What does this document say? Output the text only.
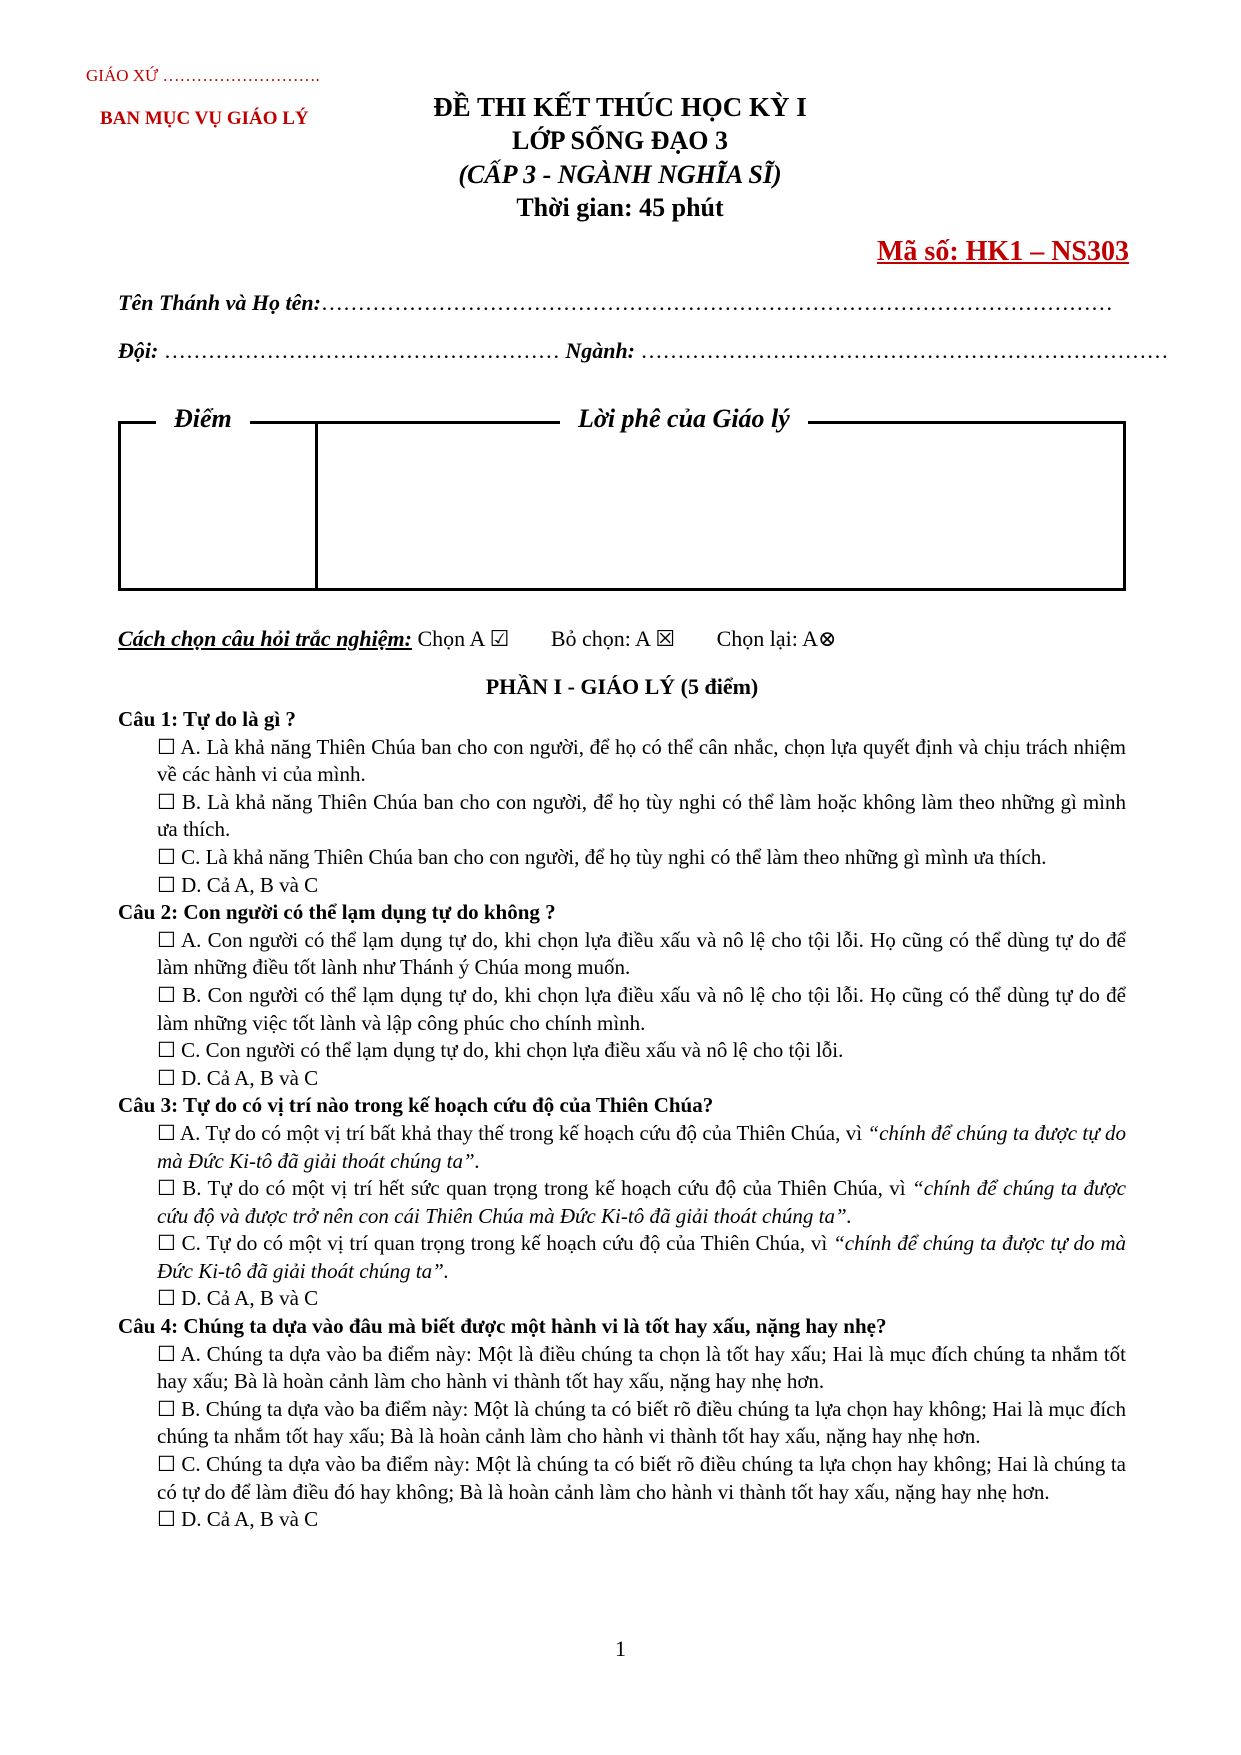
GIÁO XỨ ……………………….
BAN MỤC VỤ GIÁO LÝ	ĐỀ THI KẾT THÚC HỌC KỲ I
LỚP SỐNG ĐẠO 3
(CẤP 3 - NGÀNH NGHĨA SĨ)
Thời gian: 45 phút
Mã số: HK1 – NS303
Tên Thánh và Họ tên:………………………………………………………………………………………………
Đội: ……………………………………………… Ngành: ………………………………………………………………
Điểm	Lời phê của Giáo lý
Cách chọn câu hỏi trắc nghiệm: Chọn A ☑ Bỏ chọn: A ☒ Chọn lại: A⊗
PHẦN I - GIÁO LÝ (5 điểm)
Câu 1: Tự do là gì ?
☐ A. Là khả năng Thiên Chúa ban cho con người, để họ có thể cân nhắc, chọn lựa quyết định và chịu trách nhiệm về các hành vi của mình.
☐ B. Là khả năng Thiên Chúa ban cho con người, để họ tùy nghi có thể làm hoặc không làm theo những gì mình ưa thích.
☐ C. Là khả năng Thiên Chúa ban cho con người, để họ tùy nghi có thể làm theo những gì mình ưa thích.
☐ D. Cả A, B và C
Câu 2: Con người có thể lạm dụng tự do không ?
☐ A. Con người có thể lạm dụng tự do, khi chọn lựa điều xấu và nô lệ cho tội lỗi. Họ cũng có thể dùng tự do để làm những điều tốt lành như Thánh ý Chúa mong muốn.
☐ B. Con người có thể lạm dụng tự do, khi chọn lựa điều xấu và nô lệ cho tội lỗi. Họ cũng có thể dùng tự do để làm những việc tốt lành và lập công phúc cho chính mình.
☐ C. Con người có thể lạm dụng tự do, khi chọn lựa điều xấu và nô lệ cho tội lỗi.
☐ D. Cả A, B và C
Câu 3: Tự do có vị trí nào trong kế hoạch cứu độ của Thiên Chúa?
☐ A. Tự do có một vị trí bất khả thay thế trong kế hoạch cứu độ của Thiên Chúa, vì “chính để chúng ta được tự do mà Đức Ki-tô đã giải thoát chúng ta”.
☐ B. Tự do có một vị trí hết sức quan trọng trong kế hoạch cứu độ của Thiên Chúa, vì “chính để chúng ta được cứu độ và được trở nên con cái Thiên Chúa mà Đức Ki-tô đã giải thoát chúng ta”.
☐ C. Tự do có một vị trí quan trọng trong kế hoạch cứu độ của Thiên Chúa, vì “chính để chúng ta được tự do mà Đức Ki-tô đã giải thoát chúng ta”.
☐ D. Cả A, B và C
Câu 4: Chúng ta dựa vào đâu mà biết được một hành vi là tốt hay xấu, nặng hay nhẹ?
☐ A. Chúng ta dựa vào ba điểm này: Một là điều chúng ta chọn là tốt hay xấu; Hai là mục đích chúng ta nhắm tốt hay xấu; Bà là hoàn cảnh làm cho hành vi thành tốt hay xấu, nặng hay nhẹ hơn.
☐ B. Chúng ta dựa vào ba điểm này: Một là chúng ta có biết rõ điều chúng ta lựa chọn hay không; Hai là mục đích chúng ta nhắm tốt hay xấu; Bà là hoàn cảnh làm cho hành vi thành tốt hay xấu, nặng hay nhẹ hơn.
☐ C. Chúng ta dựa vào ba điểm này: Một là chúng ta có biết rõ điều chúng ta lựa chọn hay không; Hai là chúng ta có tự do để làm điều đó hay không; Bà là hoàn cảnh làm cho hành vi thành tốt hay xấu, nặng hay nhẹ hơn.
☐ D. Cả A, B và C
1
